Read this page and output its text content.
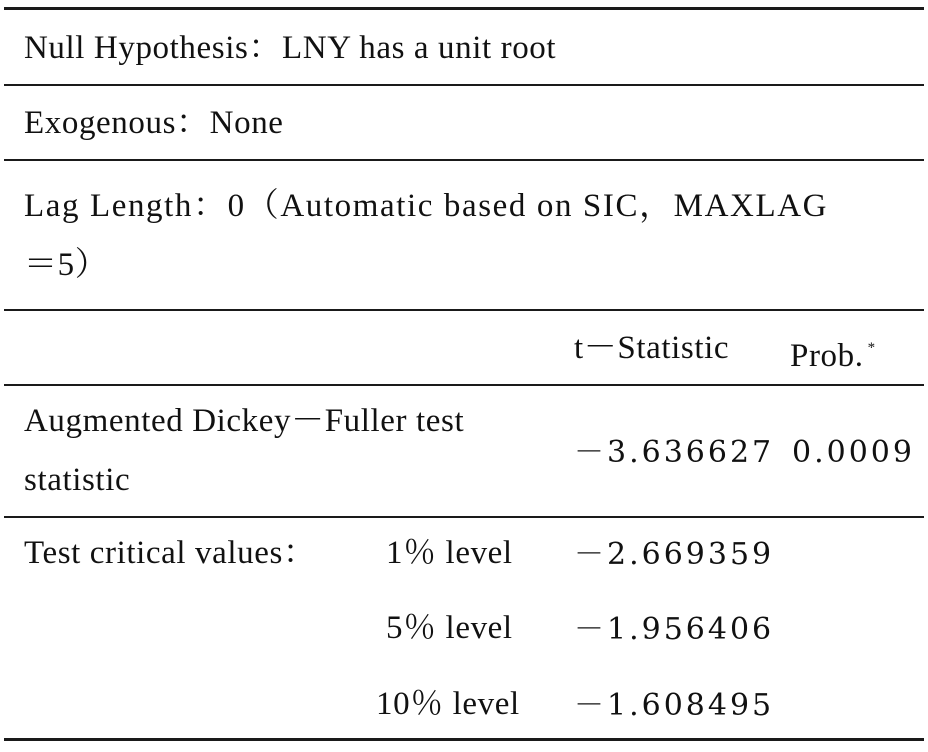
Null Hypothesis：LNY has a unit root
Exogenous：None
Lag Length：0（Automatic based on SIC，MAXLAG
＝5）
t－Statistic Prob. *
Augmented Dickey－Fuller test
statistic
－3.636627 0.0009
Test critical values： 1％ level －2.669359
5％ level －1.956406
10％ level －1.608495
